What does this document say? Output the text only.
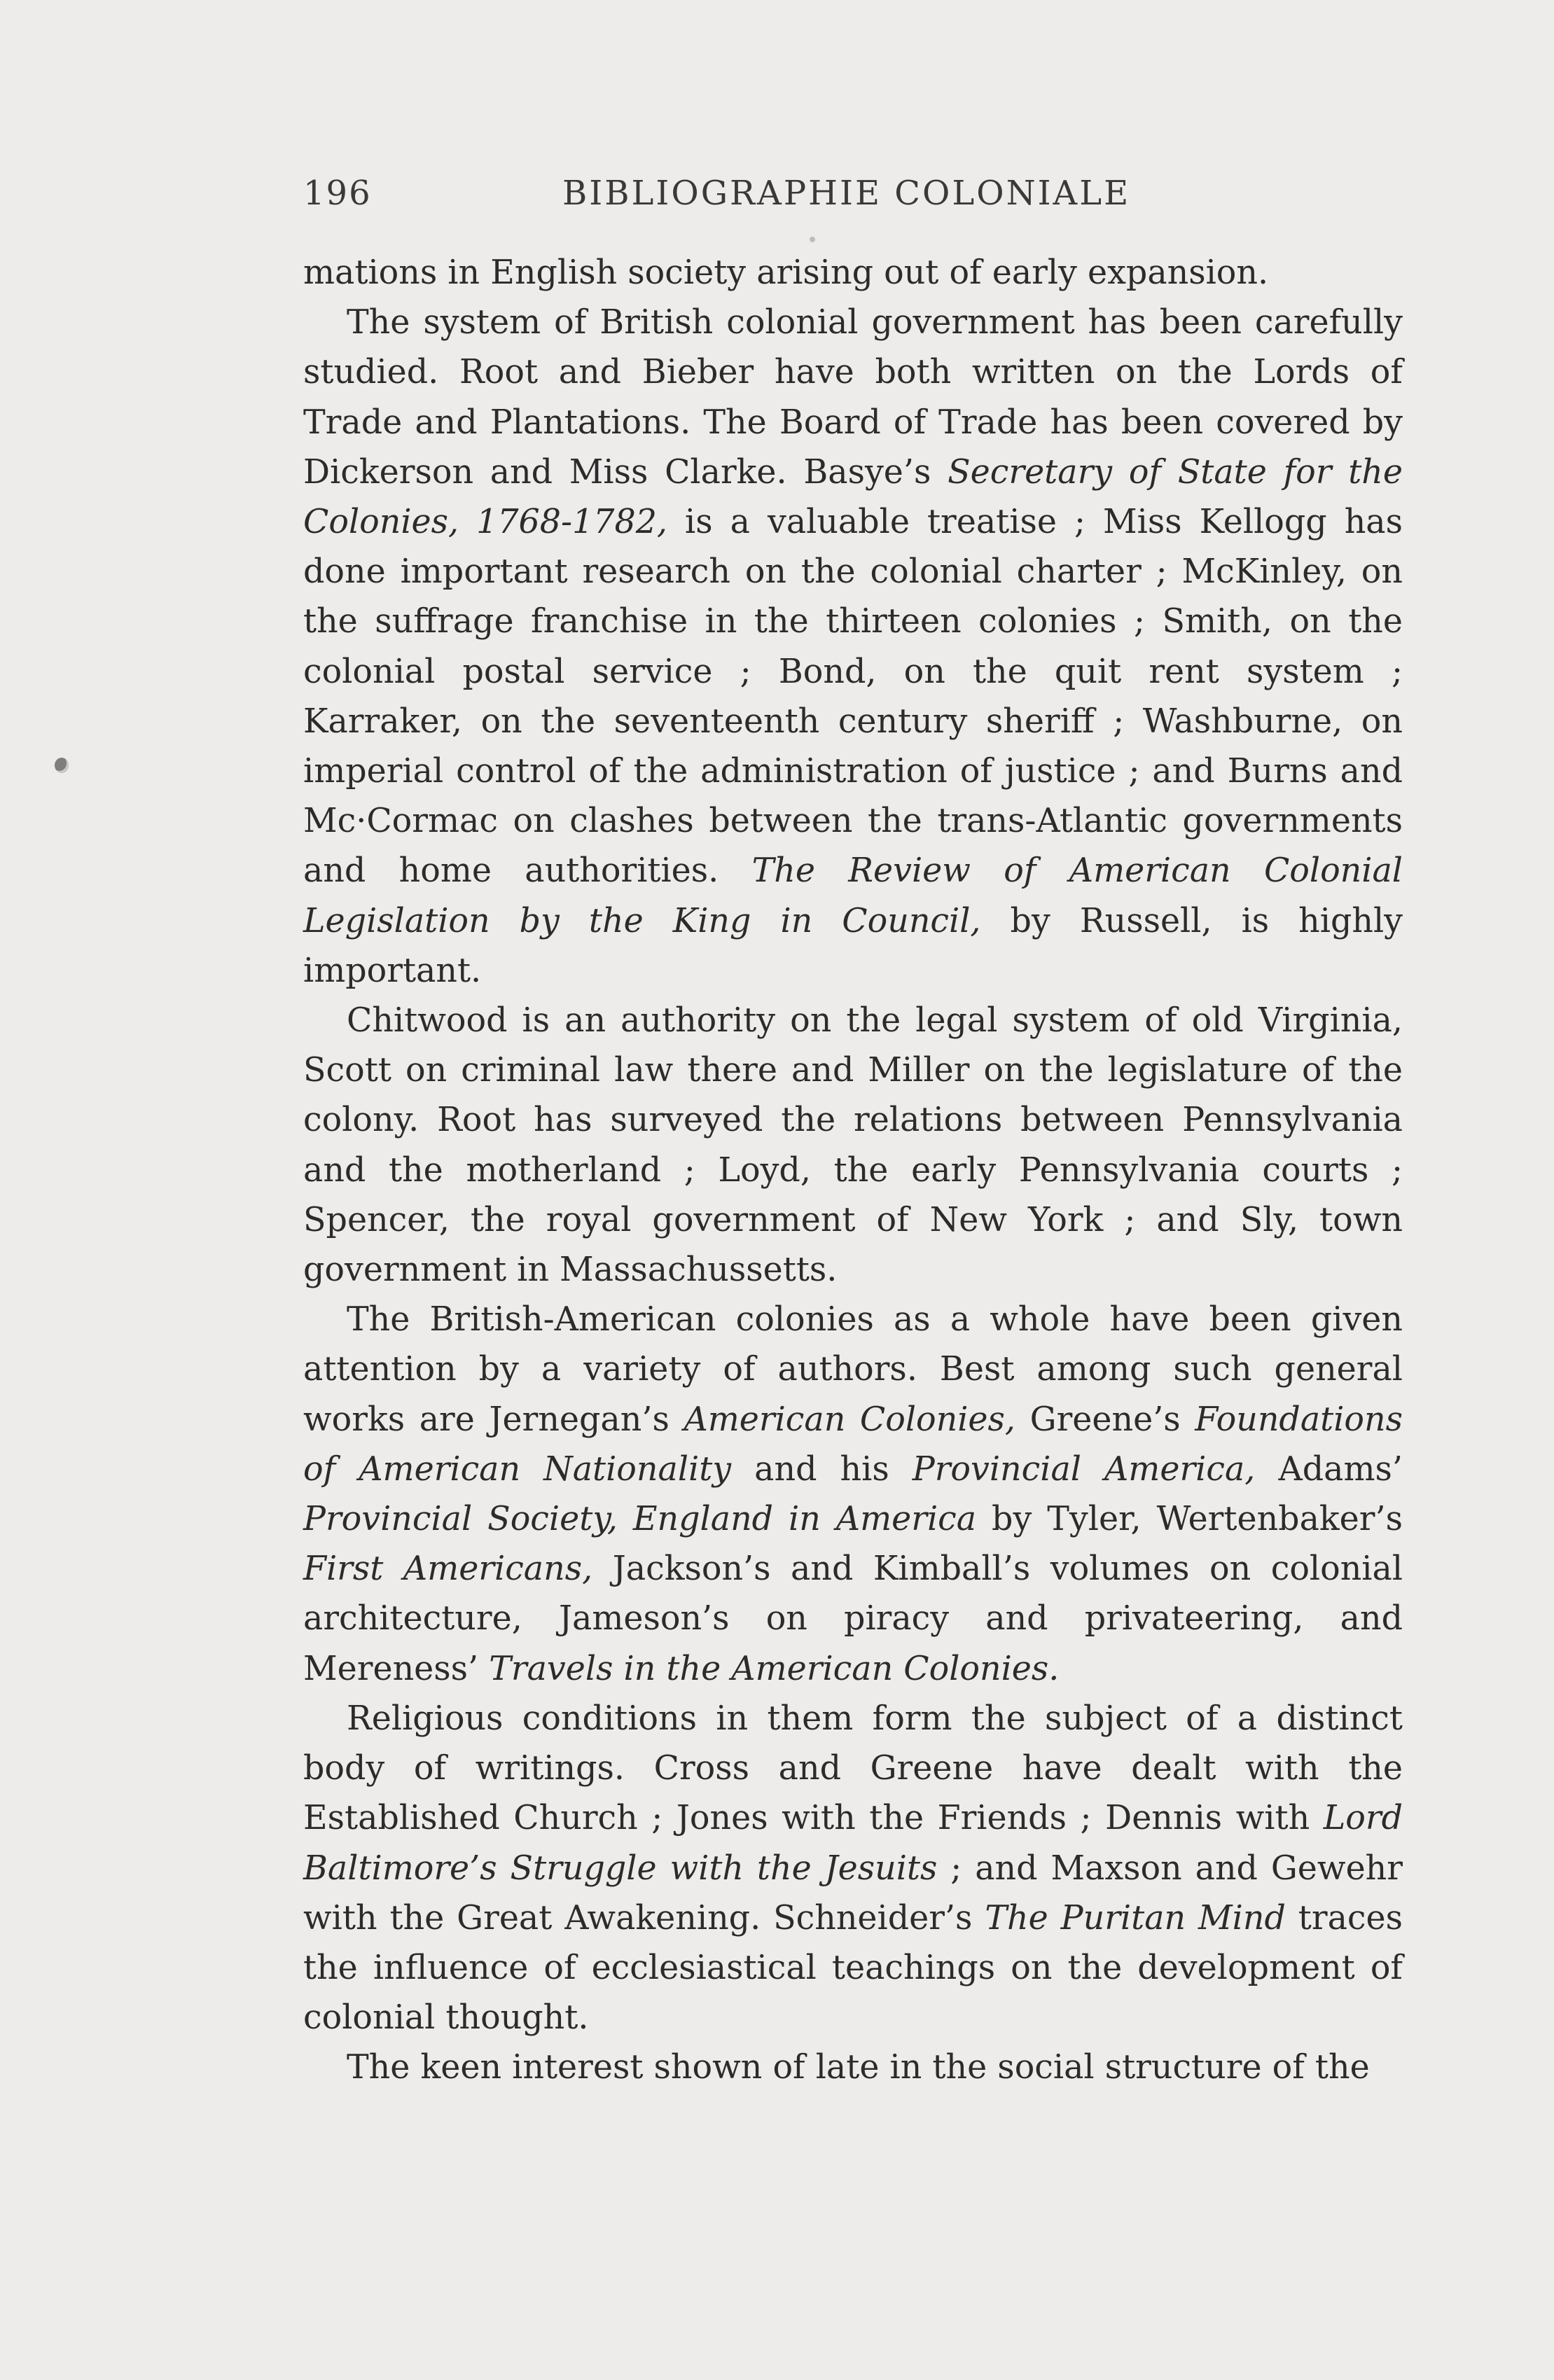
196	BIBLIOGRAPHIE COLONIALE

mations in English society arising out of early expansion.

The system of British colonial government has been carefully studied. Root and Bieber have both written on the Lords of Trade and Plantations. The Board of Trade has been covered by Dickerson and Miss Clarke. Basye’s Secretary of State for the Colonies, 1768-1782, is a valuable treatise ; Miss Kellogg has done important research on the colonial charter ; McKinley, on the suffrage franchise in the thirteen colonies ; Smith, on the colonial postal service ; Bond, on the quit rent system ; Karraker, on the seventeenth century sheriff ; Washburne, on imperial control of the administration of justice ; and Burns and Mc·Cormac on clashes between the trans-Atlantic governments and home authorities. The Review of American Colonial Legislation by the King in Council, by Russell, is highly important.

Chitwood is an authority on the legal system of old Virginia, Scott on criminal law there and Miller on the legislature of the colony. Root has surveyed the relations between Pennsylvania and the motherland ; Loyd, the early Pennsylvania courts ; Spencer, the royal government of New York ; and Sly, town government in Massachussetts.

The British-American colonies as a whole have been given attention by a variety of authors. Best among such general works are Jernegan’s American Colonies, Greene’s Foundations of American Nationality and his Provincial America, Adams’ Provincial Society, England in America by Tyler, Wertenbaker’s First Americans, Jackson’s and Kimball’s volumes on colonial architecture, Jameson’s on piracy and privateering, and Mereness’ Travels in the American Colonies.

Religious conditions in them form the subject of a distinct body of writings. Cross and Greene have dealt with the Established Church ; Jones with the Friends ; Dennis with Lord Baltimore’s Struggle with the Jesuits ; and Maxson and Gewehr with the Great Awakening. Schneider’s The Puritan Mind traces the influence of ecclesiastical teachings on the development of colonial thought.

The keen interest shown of late in the social structure of the
